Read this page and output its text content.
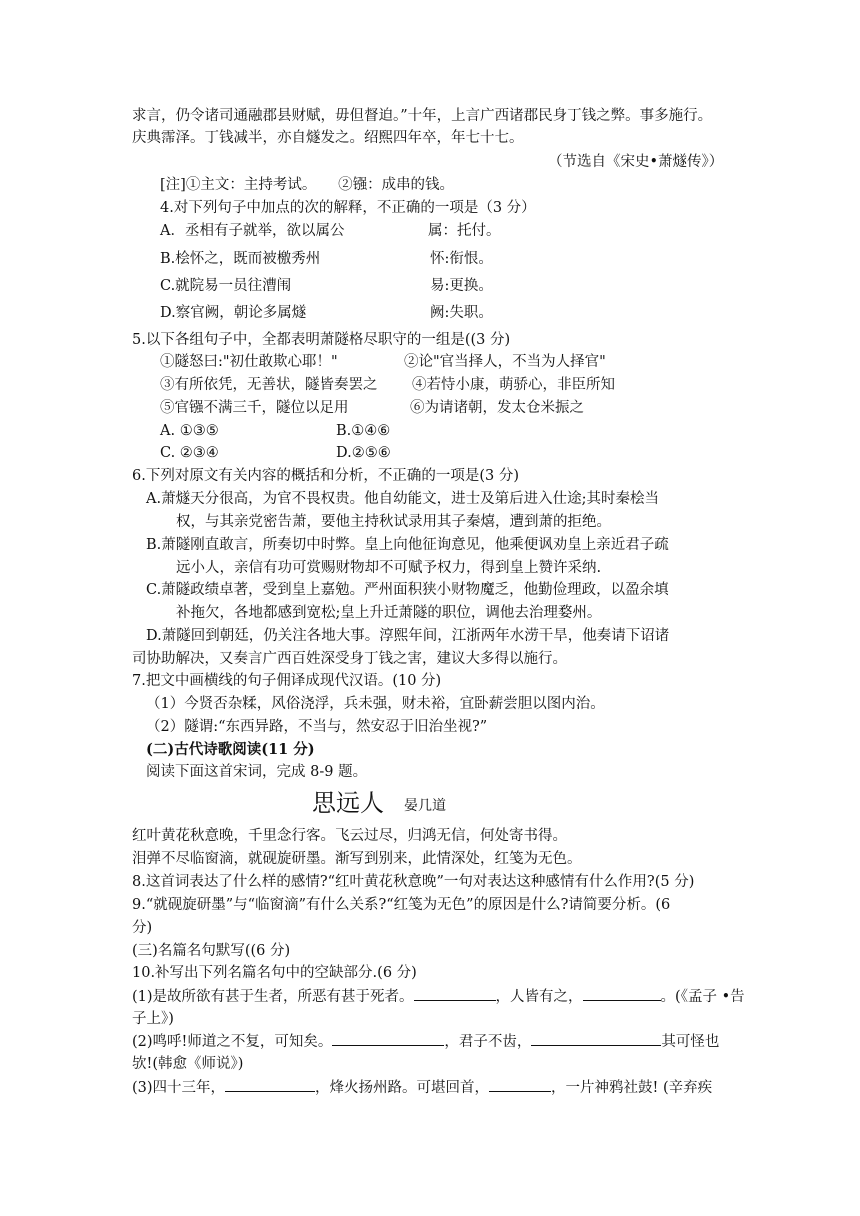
求言，仍令诸司通融郡县财赋，毋但督迫。”十年，上言广西诸郡民身丁钱之弊。事多施行。
庆典霈泽。丁钱减半，亦自燧发之。绍熙四年卒，年七十七。
（节选自《宋史•萧燧传》）
[注]①主文：主持考试。　　②镪：成串的钱。
4.对下列句子中加点的次的解释，不正确的一项是（3 分）
A．丞相有子就举，欲以属公	属：托付。
B.桧怀之，既而被檄秀州	怀:衔恨。
C.就院易一员往漕闱	易:更换。
D.察官阙，朝论多属燧	阙:失职。
5.以下各组句子中，全都表明萧隧格尽职守的一组是((3 分)
①隧怒曰:"初仕敢欺心耶！"	②论"官当择人，不当为人择官"
③有所依凭，无善状，隧皆奏罢之 ④若恃小康，萌骄心，非臣所知
⑤官镪不满三千，隧位以足用	⑥为请诸朝，发太仓米振之
A. ①③⑤	B.①④⑥
C. ②③④	D.②⑤⑥
6.下列对原文有关内容的概括和分析，不正确的一项是(3 分)
A.萧燧天分很高，为官不畏权贵。他自幼能文，进士及第后进入仕途;其时秦桧当
权，与其亲党密告萧，要他主持秋试录用其子秦熺，遭到萧的拒绝。
B.萧隧刚直敢言，所奏切中时弊。皇上向他征询意见，他乘便讽劝皇上亲近君子疏
远小人，亲信有功可赏赐财物却不可赋予权力，得到皇上赞许采纳.
C.萧隧政绩卓著，受到皇上嘉勉。严州面积狭小财物魔乏，他勤俭理政，以盈余填
补拖欠，各地都感到宽松;皇上升迁萧隧的职位，调他去治理婺州。
D.萧隧回到朝廷，仍关注各地大事。淳熙年间，江浙两年水涝干旱，他奏请下诏诸
司协助解决，又奏言广西百姓深受身丁钱之害，建议大多得以施行。
7.把文中画横线的句子佣译成现代汉语。(10 分)
（1）今贤否杂糅，风俗浇浮，兵未强，财未裕，宜卧薪尝胆以图内治。
（2）隧谓:“东西异路，不当与，然安忍于旧治坐视?”
(二)古代诗歌阅读(11 分)
阅读下面这首宋词，完成 8-9 题。
思远人 晏几道
红叶黄花秋意晚，千里念行客。飞云过尽，归鸿无信，何处寄书得。
泪弹不尽临窗滴，就砚旋研墨。渐写到别来，此情深处，红笺为无色。
8.这首词表达了什么样的感情?“红叶黄花秋意晚”一句对表达这种感情有什么作用?(5 分)
9.“就砚旋研墨”与“临窗滴”有什么关系?“红笺为无色”的原因是什么?请简要分析。(6
分)
(三)名篇名句默写((6 分)
10.补写出下列名篇名句中的空缺部分.(6 分)
(1)是故所欲有甚于生者，所恶有甚于死者。	，人皆有之，	。(《孟子 •告
子上》)
(2)鸣呼!师道之不复，可知矣。	，君子不齿，	其可怪也
欤!(韩愈《师说》)
(3)四十三年，	，烽火扬州路。可堪回首，	，一片神鸦社鼓! (辛弃疾
